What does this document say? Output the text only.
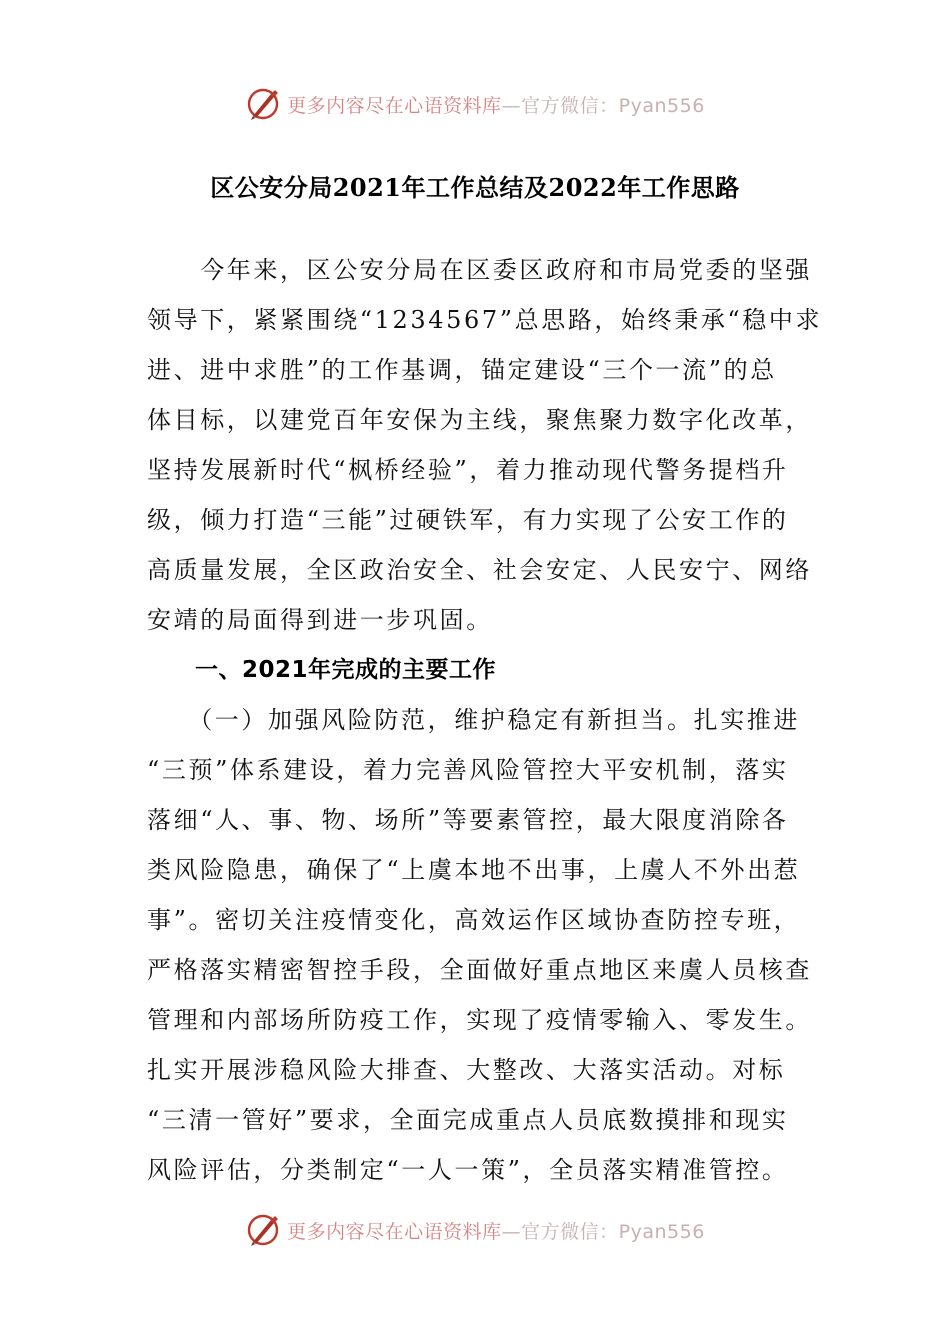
更多内容尽在心语资料库—官方微信：Pyan556
区公安分局2021年工作总结及2022年工作思路

　　今年来，区公安分局在区委区政府和市局党委的坚强
领导下，紧紧围绕“1234567”总思路，始终秉承“稳中求
进、进中求胜”的工作基调，锚定建设“三个一流”的总
体目标，以建党百年安保为主线，聚焦聚力数字化改革，
坚持发展新时代“枫桥经验”，着力推动现代警务提档升
级，倾力打造“三能”过硬铁军，有力实现了公安工作的
高质量发展，全区政治安全、社会安定、人民安宁、网络
安靖的局面得到进一步巩固。

一、2021年完成的主要工作

　　（一）加强风险防范，维护稳定有新担当。扎实推进
“三预”体系建设，着力完善风险管控大平安机制，落实
落细“人、事、物、场所”等要素管控，最大限度消除各
类风险隐患，确保了“上虞本地不出事，上虞人不外出惹
事”。密切关注疫情变化，高效运作区域协查防控专班，
严格落实精密智控手段，全面做好重点地区来虞人员核查
管理和内部场所防疫工作，实现了疫情零输入、零发生。
扎实开展涉稳风险大排查、大整改、大落实活动。对标
“三清一管好”要求，全面完成重点人员底数摸排和现实
风险评估，分类制定“一人一策”，全员落实精准管控。

更多内容尽在心语资料库—官方微信：Pyan556
